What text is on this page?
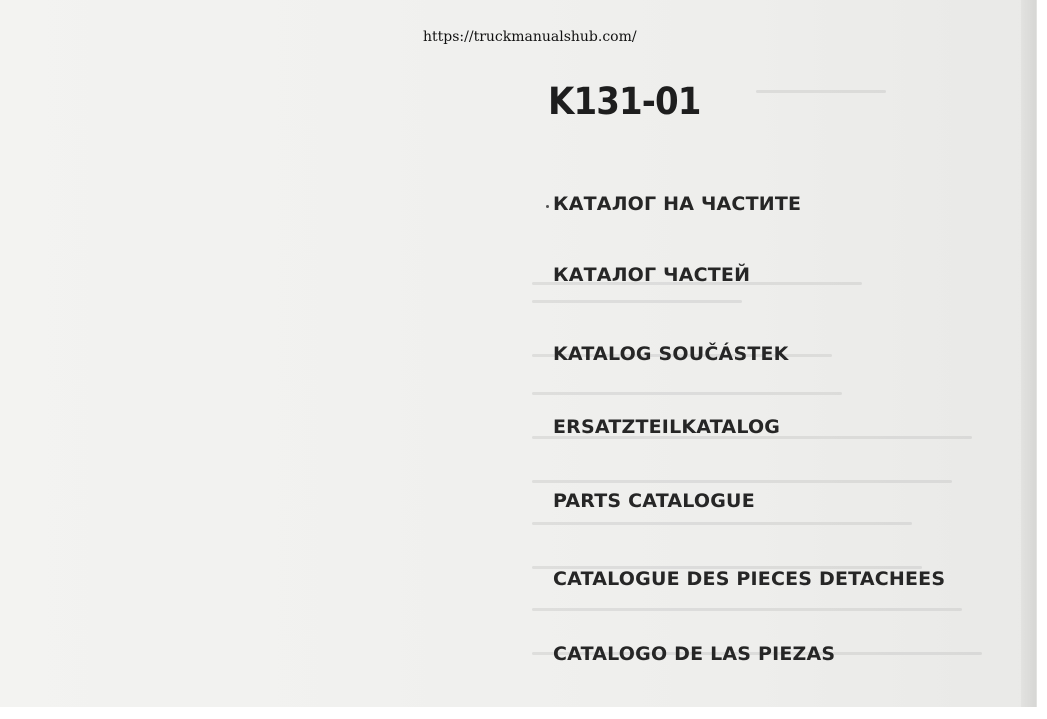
https://truckmanualshub.com/
K131-01
КАТАЛОГ НА ЧАСТИТЕ
КАТАЛОГ ЧАСТЕЙ
KATALOG SOUČÁSTEK
ERSATZTEILKATALOG
PARTS CATALOGUE
CATALOGUE DES PIECES DETACHEES
CATALOGO DE LAS PIEZAS
